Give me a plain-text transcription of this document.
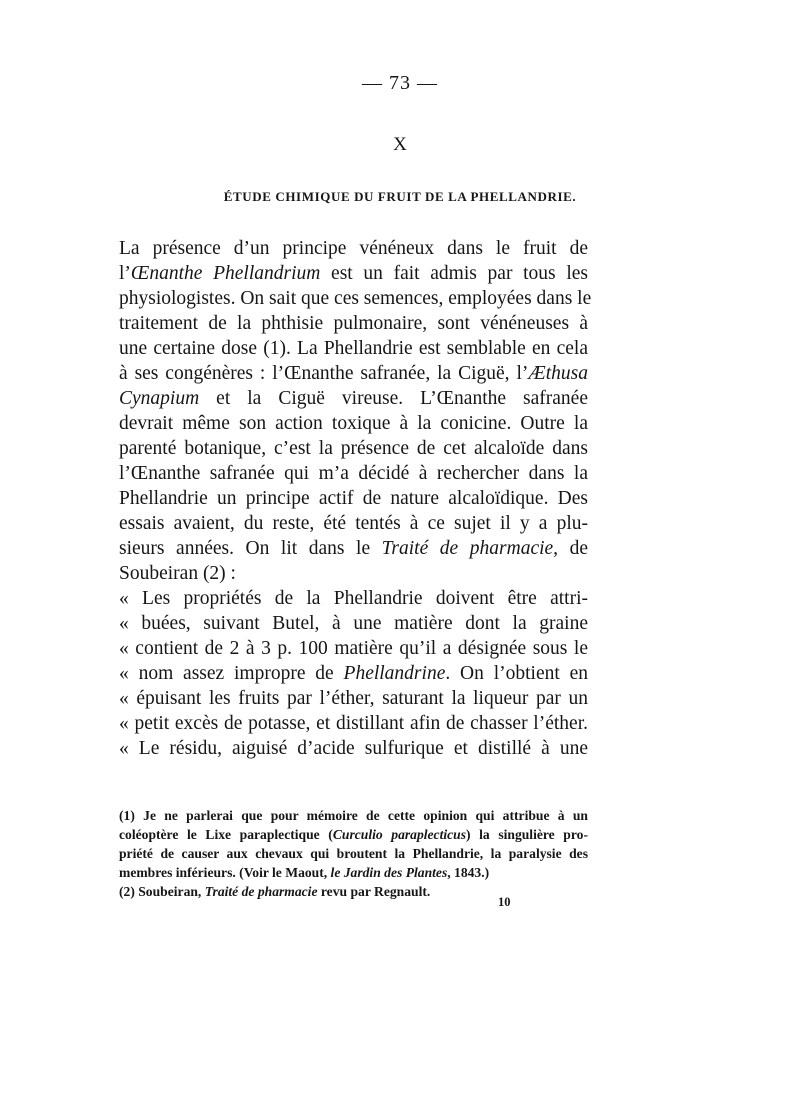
— 73 —
X
ÉTUDE CHIMIQUE DU FRUIT DE LA PHELLANDRIE.
La présence d’un principe vénéneux dans le fruit de
l’Œnanthe Phellandrium est un fait admis par tous les
physiologistes. On sait que ces semences, employées dans le
traitement de la phthisie pulmonaire, sont vénéneuses à
une certaine dose (1). La Phellandrie est semblable en cela
à ses congénères : l’Œnanthe safranée, la Ciguë, l’Æthusa
Cynapium et la Ciguë vireuse. L’Œnanthe safranée
devrait même son action toxique à la conicine. Outre la
parenté botanique, c’est la présence de cet alcaloïde dans
l’Œnanthe safranée qui m’a décidé à rechercher dans la
Phellandrie un principe actif de nature alcaloïdique. Des
essais avaient, du reste, été tentés à ce sujet il y a plu-
sieurs années. On lit dans le Traité de pharmacie, de
Soubeiran (2) :
« Les propriétés de la Phellandrie doivent être attri-
« buées, suivant Butel, à une matière dont la graine
« contient de 2 à 3 p. 100 matière qu’il a désignée sous le
« nom assez impropre de Phellandrine. On l’obtient en
« épuisant les fruits par l’éther, saturant la liqueur par un
« petit excès de potasse, et distillant afin de chasser l’éther.
« Le résidu, aiguisé d’acide sulfurique et distillé à une
(1) Je ne parlerai que pour mémoire de cette opinion qui attribue à un
coléoptère le Lixe paraplectique (Curculio paraplecticus) la singulière pro-
priété de causer aux chevaux qui broutent la Phellandrie, la paralysie des
membres inférieurs. (Voir le Maout, le Jardin des Plantes, 1843.)
(2) Soubeiran, Traité de pharmacie revu par Regnault.
10
